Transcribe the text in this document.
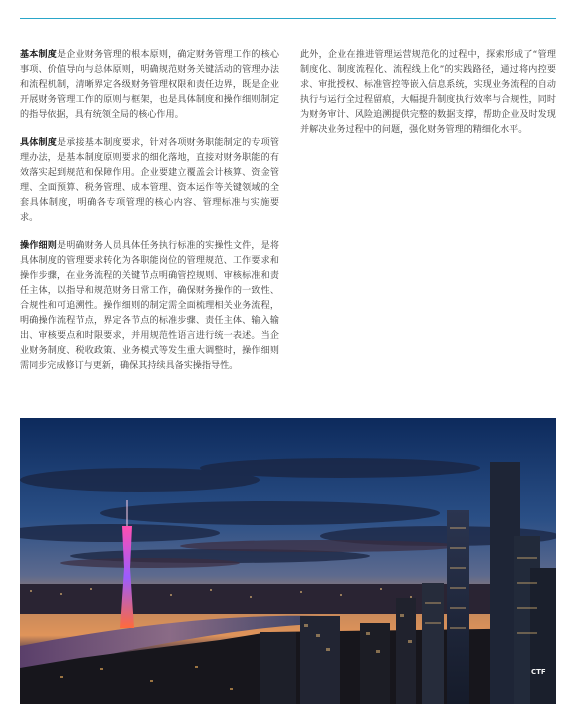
基本制度是企业财务管理的根本原则，确定财务管理工作的核心事项、价值导向与总体原则，明确规范财务关键活动的管理办法和流程机制，清晰界定各级财务管理权限和责任边界，既是企业开展财务管理工作的原则与框架，也是具体制度和操作细则制定的指导依据，具有统领全局的核心作用。

具体制度是承接基本制度要求，针对各项财务职能制定的专项管理办法，是基本制度原则要求的细化落地，直接对财务职能的有效落实起到规范和保障作用。企业要建立覆盖会计核算、资金管理、全面预算、税务管理、成本管理、资本运作等关键领域的全套具体制度，明确各专项管理的核心内容、管理标准与实施要求。

操作细则是明确财务人员具体任务执行标准的实操性文件，是将具体制度的管理要求转化为各职能岗位的管理规范、工作要求和操作步骤，在业务流程的关键节点明确管控规则、审核标准和责任主体，以指导和规范财务日常工作，确保财务操作的一致性、合规性和可追溯性。操作细则的制定需全面梳理相关业务流程，明确操作流程节点，界定各节点的标准步骤、责任主体、输入输出、审核要点和时限要求，并用规范性语言进行统一表述。当企业财务制度、税收政策、业务模式等发生重大调整时，操作细则需同步完成修订与更新，确保其持续具备实操指导性。

此外，企业在推进管理运营规范化的过程中，探索形成了“管理制度化、制度流程化、流程线上化”的实践路径，通过将内控要求、审批授权、标准管控等嵌入信息系统，实现业务流程的自动执行与运行全过程留痕，大幅提升制度执行效率与合规性，同时为财务审计、风险追溯提供完整的数据支撑，帮助企业及时发现并解决业务过程中的问题，强化财务管理的精细化水平。

CTF
